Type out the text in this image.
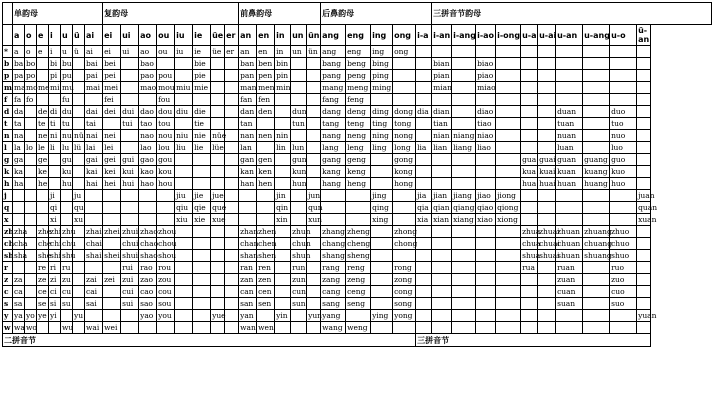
	单韵母							复韵母								前鼻韵母					后鼻韵母					三拼音节韵母									
	a	o	e	i	u	ü	ai	ei	ui	ao	ou	iu	ie	üe	er	an	en	in	un	ün	ang	eng	ing	ong	i-a	i-an	i-ang	i-ao	i-ong	u-a	u-ai	u-an	u-ang	u-o	ü-an
*	a	o	e	i	u	ü	ai	ei	ui	ao	ou	iu	ie	üe	er	an	en	in	un	ün	ang	eng	ing	ong											
b	ba	bo		bi	bu		bai	bei		bao			bie			ban	ben	bin			bang	beng	bing			bian		biao							
p	pa	po		pi	pu		pai	pei		pao	pou		pie			pan	pen	pin			pang	peng	ping			pian		piao							
m	ma	mo	me	mi	mu		mai	mei		mao	mou	miu	mie			man	men	min			mang	meng	ming			mian		miao							
f	fa	fo			fu			fei			fou					fan	fen				fang	feng													
d	da		de	di	du		dai	dei	dui	dao	dou	diu	die			dan	den		dun		dang	deng	ding	dong	dia	dian		diao				duan		duo	
t	ta		te	ti	tu		tai		tui	tao	tou		tie			tan			tun		tang	teng	ting	tong		tian		tiao				tuan		tuo	
n	na		ne	ni	nu	nü	nai	nei		nao	nou	niu	nie	nüe		nan	nen	nin			nang	neng	ning	nong		nian	niang	niao				nuan		nuo	
l	la	lo	le	li	lu	lü	lai	lei		lao	lou	liu	lie	lüe		lan		lin	lun		lang	leng	ling	long	lia	lian	liang	liao				luan		luo	
g	ga		ge		gu		gai	gei	gui	gao	gou					gan	gen		gun		gang	geng		gong						gua	guai	guan	guang	guo	
k	ka		ke		ku		kai	kei	kui	kao	kou					kan	ken		kun		kang	keng		kong						kua	kuai	kuan	kuang	kuo	
h	ha		he		hu		hai	hei	hui	hao	hou					han	hen		hun		hang	heng		hong						hua	huai	huan	huang	huo	
j				ji		ju						jiu	jie	jue				jin		jun			jing		jia	jian	jiang	jiao	jiong						juan
q				qi		qu						qiu	qie	que				qin		qun			qing		qia	qian	qiang	qiao	qiong						quan
x				xi		xu						xiu	xie	xue				xin		xun			xing		xia	xian	xiang	xiao	xiong						xuan
zh	zha		zhe	zhi	zhu		zhai	zhei	zhui	zhao	zhou					zhan	zhen		zhun		zhang	zheng		zhong						zhua	zhuai	zhuan	zhuang	zhuo	
ch	cha		che	chi	chu		chai		chui	chao	chou					chan	chen		chun		chang	cheng		chong						chua	chuai	chuan	chuang	chuo	
sh	sha		she	shi	shu		shai	shei	shui	shao	shou					shan	shen		shun		shang	sheng								shua	shuai	shuan	shuang	shuo	
r			re	ri	ru				rui	rao	rou					ran	ren		run		rang	reng		rong						rua		ruan		ruo	
z	za		ze	zi	zu		zai	zei	zui	zao	zou					zan	zen		zun		zang	zeng		zong								zuan		zuo	
c	ca		ce	ci	cu		cai		cui	cao	cou					can	cen		cun		cang	ceng		cong								cuan		cuo	
s	sa		se	si	su		sai		sui	sao	sou					san	sen		sun		sang	seng		song								suan		suo	
y	ya	yo	ye	yi		yu				yao	you			yue		yan		yin		yun	yang		ying	yong											yuan
w	wa	wo			wu		wai	wei								wan	wen				wang	weng													
二拼音节																									三拼音节										
